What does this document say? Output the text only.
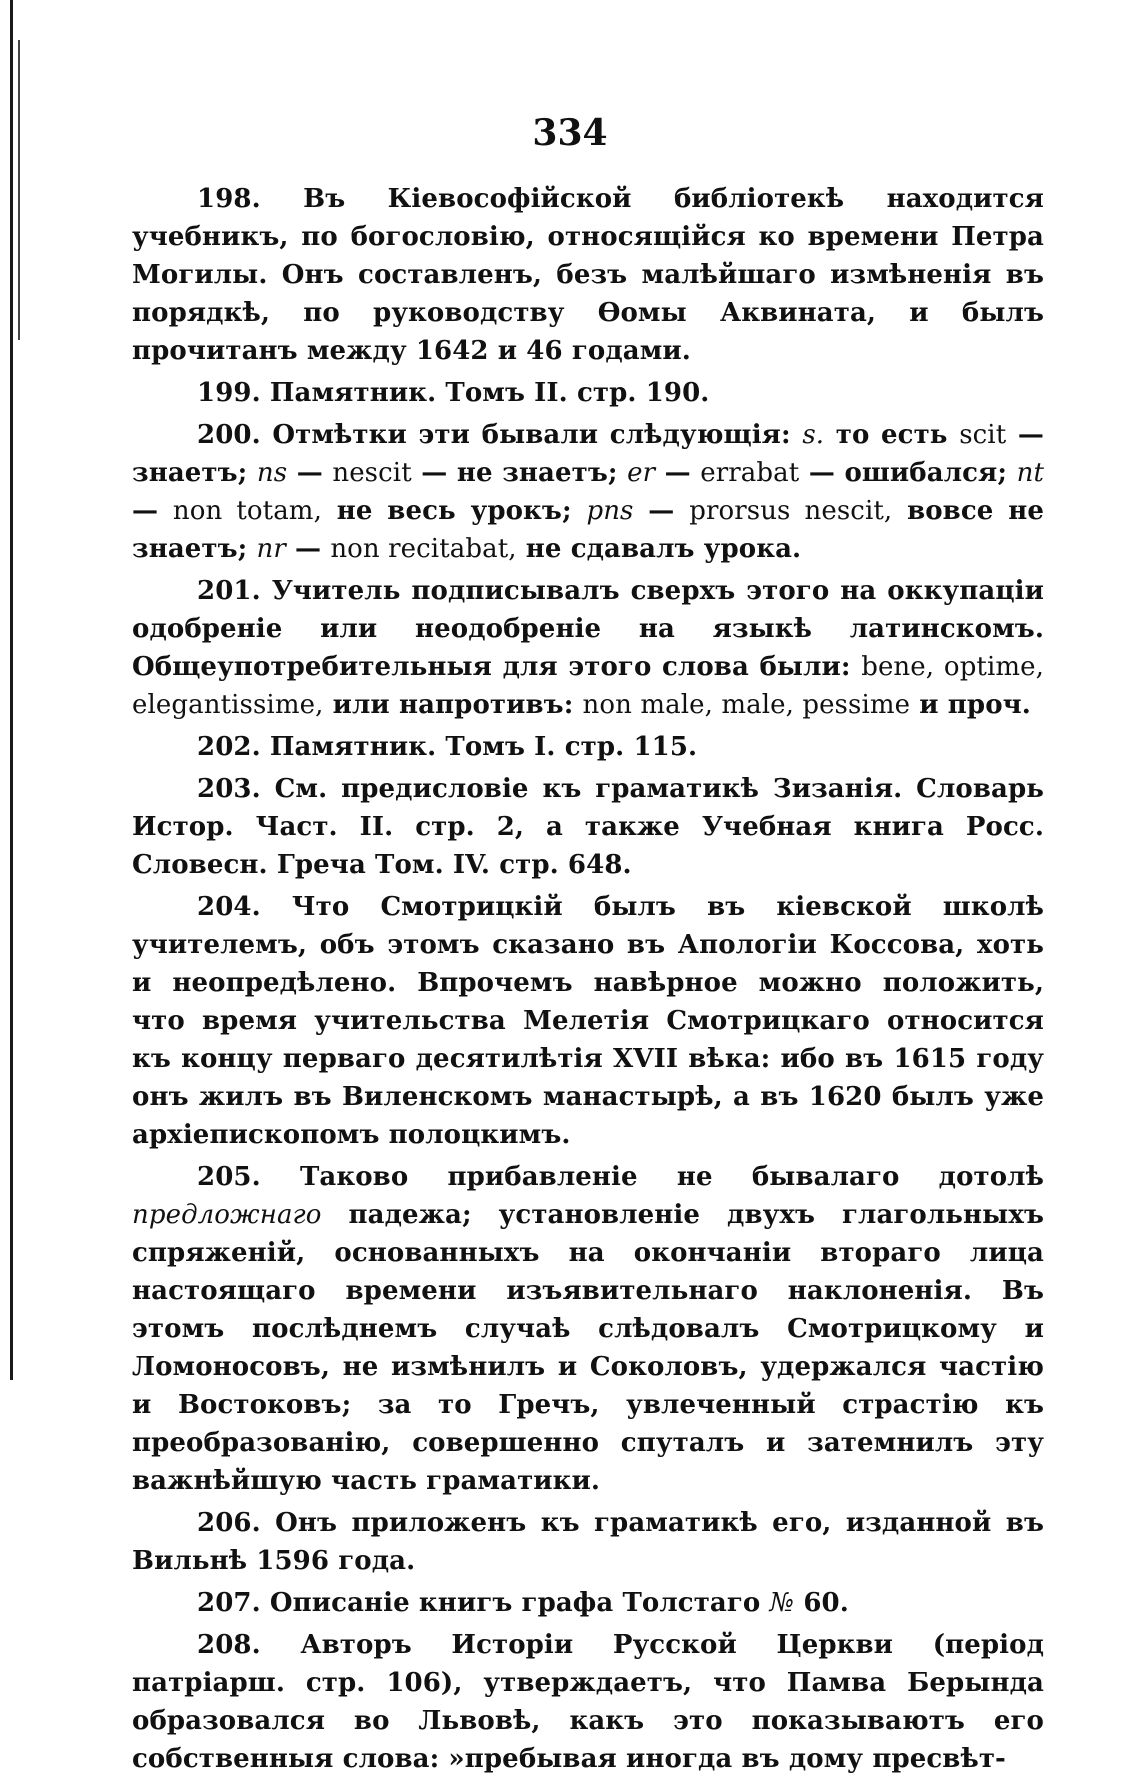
334

198. Въ Кіевософійской библіотекѣ находится учебникъ, по богословію, относящійся ко времени Петра Могилы. Онъ составленъ, безъ малѣйшаго измѣненія въ порядкѣ, по руководству Ѳомы Аквината, и былъ прочитанъ между 1642 и 46 годами.

199. Памятник. Томъ II. стр. 190.

200. Отмѣтки эти бывали слѣдующія: s. то есть scit — знаетъ; ns — nescit — не знаетъ; er — errabat — ошибался; nt — non totam, не весь урокъ; pns — prorsus nescit, вовсе не знаетъ; nr — non recitabat, не сдавалъ урока.

201. Учитель подписывалъ сверхъ этого на оккупаціи одобреніе или неодобреніе на языкѣ латинскомъ. Общеупотребительныя для этого слова были: bene, optime, elegantissime, или напротивъ: non male, male, pessime и проч.

202. Памятник. Томъ I. стр. 115.

203. См. предисловіе къ граматикѣ Зизанія. Словарь Истор. Част. II. стр. 2, а также Учебная книга Росс. Словесн. Греча Том. IV. стр. 648.

204. Что Смотрицкій былъ въ кіевской школѣ учителемъ, объ этомъ сказано въ Апологіи Коссова, хоть и неопредѣлено. Впрочемъ навѣрное можно положить, что время учительства Мелетія Смотрицкаго относится къ концу перваго десятилѣтія XVII вѣка: ибо въ 1615 году онъ жилъ въ Виленскомъ манастырѣ, а въ 1620 былъ уже архіепископомъ полоцкимъ.

205. Таково прибавленіе не бывалаго дотолѣ предложнаго падежа; установленіе двухъ глагольныхъ спряженій, основанныхъ на окончаніи втораго лица настоящаго времени изъявительнаго наклоненія. Въ этомъ послѣднемъ случаѣ слѣдовалъ Смотрицкому и Ломоносовъ, не измѣнилъ и Соколовъ, удержался частію и Востоковъ; за то Гречъ, увлеченный страстію къ преобразованію, совершенно спуталъ и затемнилъ эту важнѣйшую часть граматики.

206. Онъ приложенъ къ граматикѣ его, изданной въ Вильнѣ 1596 года.

207. Описаніе книгъ графа Толстаго № 60.

208. Авторъ Исторіи Русской Церкви (період патріарш. стр. 106), утверждаетъ, что Памва Берында образовался во Львовѣ, какъ это показываютъ его собственныя слова: »пребывая иногда въ дому пресвѣт-
